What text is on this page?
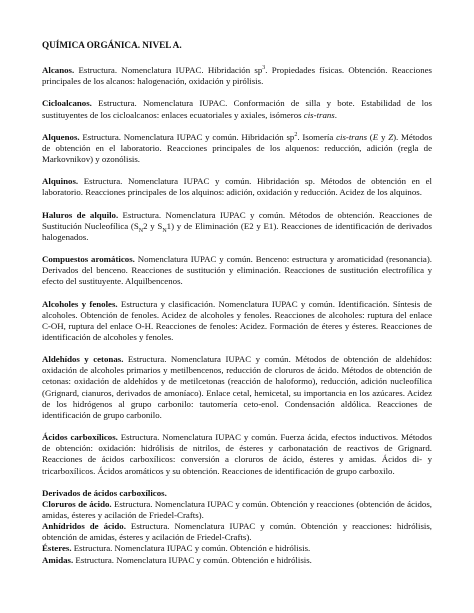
QUÍMICA ORGÁNICA. NIVEL A.
Alcanos. Estructura. Nomenclatura IUPAC. Hibridación $sp^3$. Propiedades físicas. Obtención. Reacciones principales de los alcanos: halogenación, oxidación y pirólisis.
Cicloalcanos. Estructura. Nomenclatura IUPAC. Conformación de silla y bote. Estabilidad de los sustituyentes de los cicloalcanos: enlaces ecuatoriales y axiales, isómeros cis-trans.
Alquenos. Estructura. Nomenclatura IUPAC y común. Hibridación $sp^2$. Isomería cis-trans (E y Z). Métodos de obtención en el laboratorio. Reacciones principales de los alquenos: reducción, adición (regla de Markovnikov) y ozonólisis.
Alquinos. Estructura. Nomenclatura IUPAC y común. Hibridación sp. Métodos de obtención en el laboratorio. Reacciones principales de los alquinos: adición, oxidación y reducción. Acidez de los alquinos.
Haluros de alquilo. Estructura. Nomenclatura IUPAC y común. Métodos de obtención. Reacciones de Sustitución Nucleofílica ($S_N2$ y $S_N1$) y de Eliminación (E2 y E1). Reacciones de identificación de derivados halogenados.
Compuestos aromáticos. Nomenclatura IUPAC y común. Benceno: estructura y aromaticidad (resonancia). Derivados del benceno. Reacciones de sustitución y eliminación. Reacciones de sustitución electrofílica y efecto del sustituyente. Alquilbencenos.
Alcoholes y fenoles. Estructura y clasificación. Nomenclatura IUPAC y común. Identificación. Síntesis de alcoholes. Obtención de fenoles. Acidez de alcoholes y fenoles. Reacciones de alcoholes: ruptura del enlace C-OH, ruptura del enlace O-H. Reacciones de fenoles: Acidez. Formación de éteres y ésteres. Reacciones de identificación de alcoholes y fenoles.
Aldehídos y cetonas. Estructura. Nomenclatura IUPAC y común. Métodos de obtención de aldehídos: oxidación de alcoholes primarios y metilbencenos, reducción de cloruros de ácido. Métodos de obtención de cetonas: oxidación de aldehídos y de metilcetonas (reacción de haloformo), reducción, adición nucleofílica (Grignard, cianuros, derivados de amoníaco). Enlace cetal, hemicetal, su importancia en los azúcares. Acidez de los hidrógenos al grupo carbonilo: tautomería ceto-enol. Condensación aldólica. Reacciones de identificación de grupo carbonilo.
Ácidos carboxílicos. Estructura. Nomenclatura IUPAC y común. Fuerza ácida, efectos inductivos. Métodos de obtención: oxidación: hidrólisis de nitrilos, de ésteres y carbonatación de reactivos de Grignard. Reacciones de ácidos carboxílicos: conversión a cloruros de ácido, ésteres y amidas. Ácidos di- y tricarboxílicos. Ácidos aromáticos y su obtención. Reacciones de identificación de grupo carboxilo.
Derivados de ácidos carboxílicos.
Cloruros de ácido. Estructura. Nomenclatura IUPAC y común. Obtención y reacciones (obtención de ácidos, amidas, ésteres y acilación de Friedel-Crafts).
Anhídridos de ácido. Estructura. Nomenclatura IUPAC y común. Obtención y reacciones: hidrólisis, obtención de amidas, ésteres y acilación de Friedel-Crafts).
Ésteres. Estructura. Nomenclatura IUPAC y común. Obtención e hidrólisis.
Amidas. Estructura. Nomenclatura IUPAC y común. Obtención e hidrólisis.
